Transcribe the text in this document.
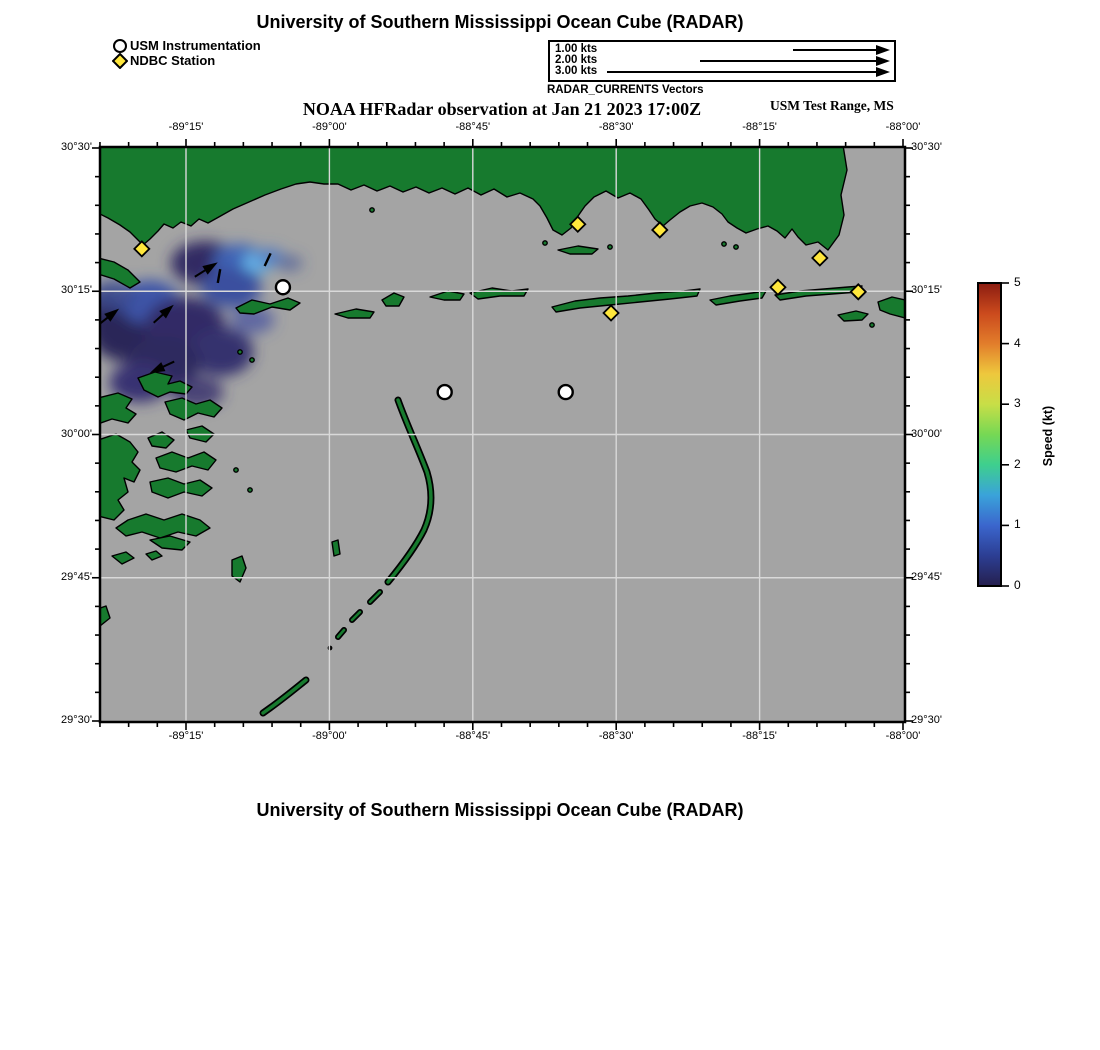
University of Southern Mississippi Ocean Cube (RADAR)
USM Instrumentation
NDBC Station
1.00 kts
2.00 kts
3.00 kts
RADAR_CURRENTS Vectors
NOAA HFRadar observation at Jan 21 2023 17:00Z	USM Test Range, MS
-89°15'
-89°15'
-89°00'
-89°00'
-88°45'
-88°45'
-88°30'
-88°30'
-88°15'
-88°15'
-88°00'
-88°00'
30°30'	30°30'
30°15'	30°15'
30°00'	30°00'
29°45'	29°45'
29°30'	29°30'
0
1
2
3
4
5
Speed (kt)
University of Southern Mississippi Ocean Cube (RADAR)
